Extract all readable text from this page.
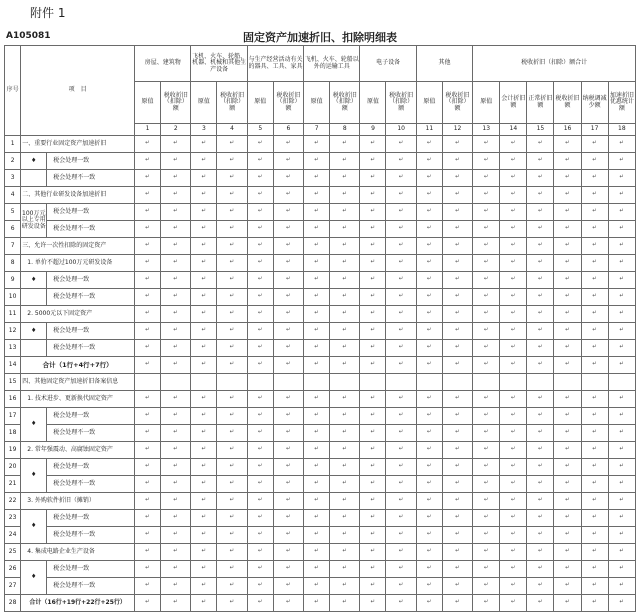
附件 1
A105081	固定资产加速折旧、扣除明细表
序号	项　目		房屋、建筑物		飞机、火车、轮船、机器、机械和其他生产设备		与生产经营活动有关的器具、工具、家具		飞机、火车、轮船以外的运输工具		电子设备		其他		税收折旧（扣除）额合计					
			原值	税收折旧（扣除）额	原值	税收折旧（扣除）额	原值	税收折旧（扣除）额	原值	税收折旧（扣除）额	原值	税收折旧（扣除）额	原值	税收折旧（扣除）额	原值	会计折旧额	正常折旧额	税收折旧额	纳税调减少额	加速折旧优惠统计额
			1	2	3	4	5	6	7	8	9	10	11	12	13	14	15	16	17	18
1	一、重要行业固定资产加速折旧	↵	↵	↵	↵	↵	↵	↵	↵	↵	↵	↵	↵	↵	↵	↵	↵	↵	↵
2	♦	税会处理一致	↵	↵	↵	↵	↵	↵	↵	↵	↵	↵	↵	↵	↵	↵	↵	↵	↵	↵
3		税会处理不一致	↵	↵	↵	↵	↵	↵	↵	↵	↵	↵	↵	↵	↵	↵	↵	↵	↵	↵
4	二、其他行业研发设备加速折旧	↵	↵	↵	↵	↵	↵	↵	↵	↵	↵	↵	↵	↵	↵	↵	↵	↵	↵
5	100万元以上专用研发设备	税会处理一致	↵	↵	↵	↵	↵	↵	↵	↵	↵	↵	↵	↵	↵	↵	↵	↵	↵	↵
6		税会处理不一致	↵	↵	↵	↵	↵	↵	↵	↵	↵	↵	↵	↵	↵	↵	↵	↵	↵	↵
7	三、允许一次性扣除的固定资产	↵	↵	↵	↵	↵	↵	↵	↵	↵	↵	↵	↵	↵	↵	↵	↵	↵	↵
8	1. 单价不超过100万元研发设备	↵	↵	↵	↵	↵	↵	↵	↵	↵	↵	↵	↵	↵	↵	↵	↵	↵	↵
9	♦	税会处理一致	↵	↵	↵	↵	↵	↵	↵	↵	↵	↵	↵	↵	↵	↵	↵	↵	↵	↵
10		税会处理不一致	↵	↵	↵	↵	↵	↵	↵	↵	↵	↵	↵	↵	↵	↵	↵	↵	↵	↵
11	2. 5000元以下固定资产	↵	↵	↵	↵	↵	↵	↵	↵	↵	↵	↵	↵	↵	↵	↵	↵	↵	↵
12	♦	税会处理一致	↵	↵	↵	↵	↵	↵	↵	↵	↵	↵	↵	↵	↵	↵	↵	↵	↵	↵
13		税会处理不一致	↵	↵	↵	↵	↵	↵	↵	↵	↵	↵	↵	↵	↵	↵	↵	↵	↵	↵
14	合计（1行+4行+7行）	↵	↵	↵	↵	↵	↵	↵	↵	↵	↵	↵	↵	↵	↵	↵	↵	↵	↵
15	四、其他固定资产加速折旧备案信息																			
16	1. 技术进步、更新换代固定资产	↵	↵	↵	↵	↵	↵	↵	↵	↵	↵	↵	↵	↵	↵	↵	↵	↵	↵
17	♦	税会处理一致	↵	↵	↵	↵	↵	↵	↵	↵	↵	↵	↵	↵	↵	↵	↵	↵	↵	↵
18		税会处理不一致	↵	↵	↵	↵	↵	↵	↵	↵	↵	↵	↵	↵	↵	↵	↵	↵	↵	↵
19	2. 常年强震动、高腐蚀固定资产	↵	↵	↵	↵	↵	↵	↵	↵	↵	↵	↵	↵	↵	↵	↵	↵	↵	↵
20	♦	税会处理一致	↵	↵	↵	↵	↵	↵	↵	↵	↵	↵	↵	↵	↵	↵	↵	↵	↵	↵
21		税会处理不一致	↵	↵	↵	↵	↵	↵	↵	↵	↵	↵	↵	↵	↵	↵	↵	↵	↵	↵
22	3. 外购软件折旧（摊销）	↵	↵	↵	↵	↵	↵	↵	↵	↵	↵	↵	↵	↵	↵	↵	↵	↵	↵
23	♦	税会处理一致	↵	↵	↵	↵	↵	↵	↵	↵	↵	↵	↵	↵	↵	↵	↵	↵	↵	↵
24		税会处理不一致	↵	↵	↵	↵	↵	↵	↵	↵	↵	↵	↵	↵	↵	↵	↵	↵	↵	↵
25	4. 集成电路企业生产设备	↵	↵	↵	↵	↵	↵	↵	↵	↵	↵	↵	↵	↵	↵	↵	↵	↵	↵
26	♦	税会处理一致	↵	↵	↵	↵	↵	↵	↵	↵	↵	↵	↵	↵	↵	↵	↵	↵	↵	↵
27		税会处理不一致	↵	↵	↵	↵	↵	↵	↵	↵	↵	↵	↵	↵	↵	↵	↵	↵	↵	↵
28	合计（16行+19行+22行+25行）	↵	↵	↵	↵	↵	↵	↵	↵	↵	↵	↵	↵	↵	↵	↵	↵	↵	↵
